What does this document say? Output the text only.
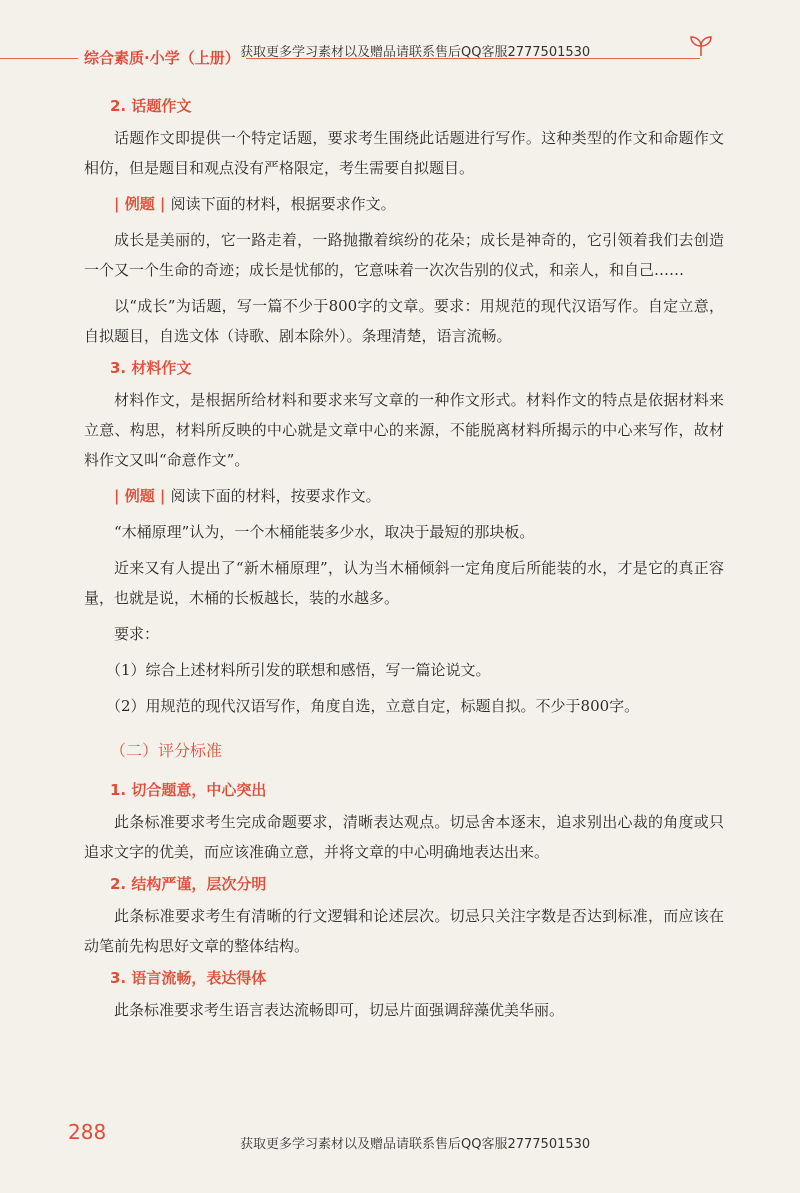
综合素质·小学（上册） 获取更多学习素材以及赠品请联系售后QQ客服2777501530
2. 话题作文

话题作文即提供一个特定话题，要求考生围绕此话题进行写作。这种类型的作文和命题作文相仿，但是题目和观点没有严格限定，考生需要自拟题目。

| 例题 | 阅读下面的材料，根据要求作文。

成长是美丽的，它一路走着，一路抛撒着缤纷的花朵；成长是神奇的，它引领着我们去创造一个又一个生命的奇迹；成长是忧郁的，它意味着一次次告别的仪式，和亲人，和自己……

以“成长”为话题，写一篇不少于800字的文章。要求：用规范的现代汉语写作。自定立意，自拟题目，自选文体（诗歌、剧本除外）。条理清楚，语言流畅。

3. 材料作文

材料作文，是根据所给材料和要求来写文章的一种作文形式。材料作文的特点是依据材料来立意、构思，材料所反映的中心就是文章中心的来源，不能脱离材料所揭示的中心来写作，故材料作文又叫“命意作文”。

| 例题 | 阅读下面的材料，按要求作文。

“木桶原理”认为，一个木桶能装多少水，取决于最短的那块板。

近来又有人提出了“新木桶原理”，认为当木桶倾斜一定角度后所能装的水，才是它的真正容量，也就是说，木桶的长板越长，装的水越多。

要求：

（1）综合上述材料所引发的联想和感悟，写一篇论说文。

（2）用规范的现代汉语写作，角度自选，立意自定，标题自拟。不少于800字。

（二）评分标准
1. 切合题意，中心突出

此条标准要求考生完成命题要求，清晰表达观点。切忌舍本逐末，追求别出心裁的角度或只追求文字的优美，而应该准确立意，并将文章的中心明确地表达出来。

2. 结构严谨，层次分明

此条标准要求考生有清晰的行文逻辑和论述层次。切忌只关注字数是否达到标准，而应该在动笔前先构思好文章的整体结构。

3. 语言流畅，表达得体

此条标准要求考生语言表达流畅即可，切忌片面强调辞藻优美华丽。

288
获取更多学习素材以及赠品请联系售后QQ客服2777501530
